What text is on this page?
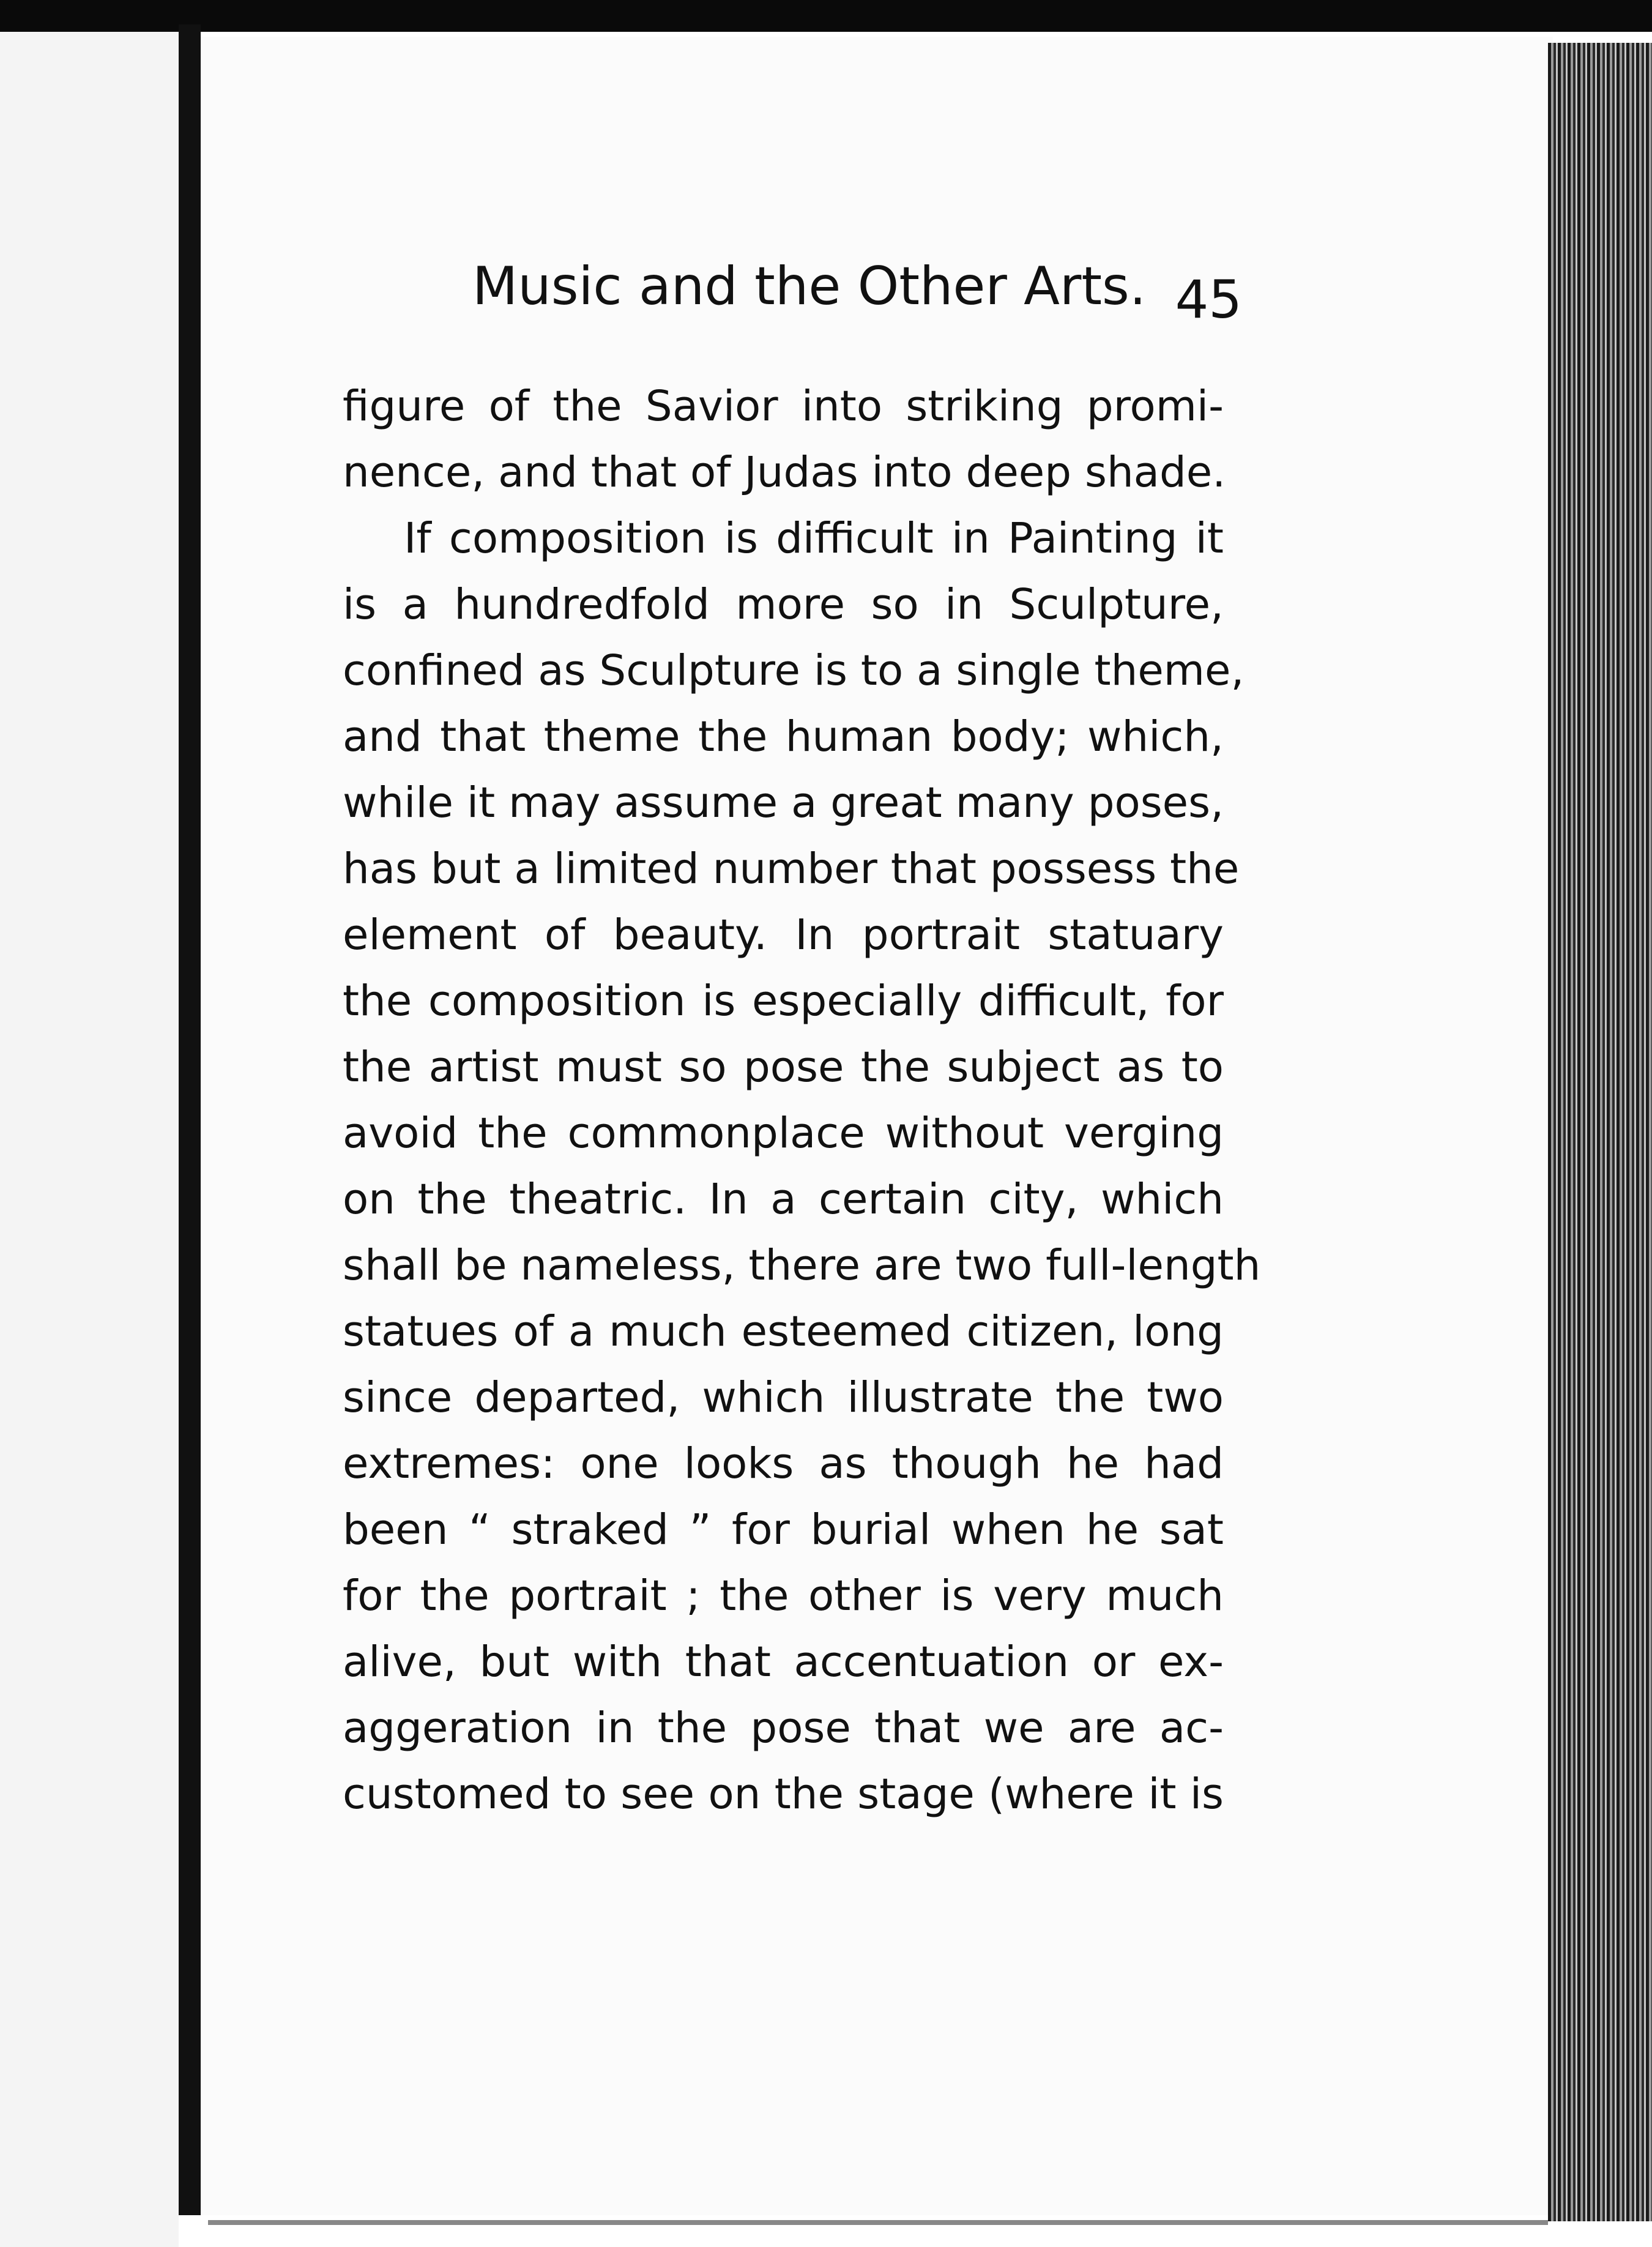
Music and the Other Arts. 45
figure of the Savior into striking promi-
nence, and that of Judas into deep shade.
If composition is difficult in Painting it
is a hundredfold more so in Sculpture,
confined as Sculpture is to a single theme,
and that theme the human body; which,
while it may assume a great many poses,
has but a limited number that possess the
element of beauty. In portrait statuary
the composition is especially difficult, for
the artist must so pose the subject as to
avoid the commonplace without verging
on the theatric. In a certain city, which
shall be nameless, there are two full-length
statues of a much esteemed citizen, long
since departed, which illustrate the two
extremes: one looks as though he had
been “ straked ” for burial when he sat
for the portrait ; the other is very much
alive, but with that accentuation or ex-
aggeration in the pose that we are ac-
customed to see on the stage (where it is
